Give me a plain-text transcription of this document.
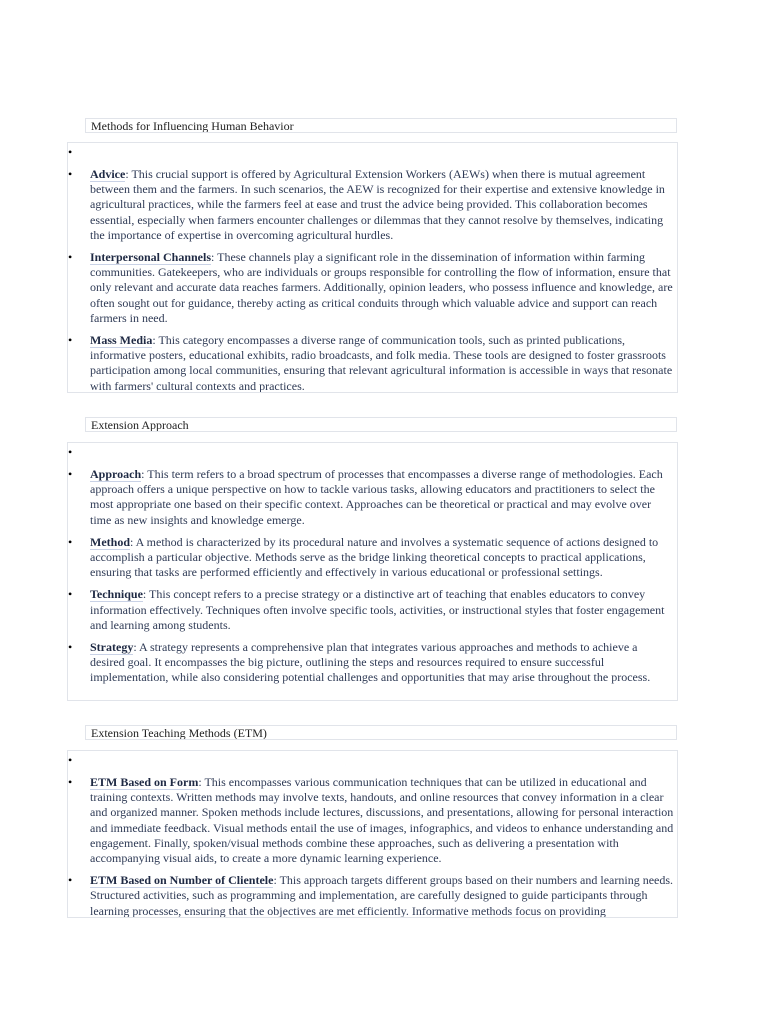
Methods for Influencing Human Behavior
•
• Advice: This crucial support is offered by Agricultural Extension Workers (AEWs) when there is mutual agreement between them and the farmers. In such scenarios, the AEW is recognized for their expertise and extensive knowledge in agricultural practices, while the farmers feel at ease and trust the advice being provided. This collaboration becomes essential, especially when farmers encounter challenges or dilemmas that they cannot resolve by themselves, indicating the importance of expertise in overcoming agricultural hurdles.
• Interpersonal Channels: These channels play a significant role in the dissemination of information within farming communities. Gatekeepers, who are individuals or groups responsible for controlling the flow of information, ensure that only relevant and accurate data reaches farmers. Additionally, opinion leaders, who possess influence and knowledge, are often sought out for guidance, thereby acting as critical conduits through which valuable advice and support can reach farmers in need.
• Mass Media: This category encompasses a diverse range of communication tools, such as printed publications, informative posters, educational exhibits, radio broadcasts, and folk media. These tools are designed to foster grassroots participation among local communities, ensuring that relevant agricultural information is accessible in ways that resonate with farmers' cultural contexts and practices.
Extension Approach
•
• Approach: This term refers to a broad spectrum of processes that encompasses a diverse range of methodologies. Each approach offers a unique perspective on how to tackle various tasks, allowing educators and practitioners to select the most appropriate one based on their specific context. Approaches can be theoretical or practical and may evolve over time as new insights and knowledge emerge.
• Method: A method is characterized by its procedural nature and involves a systematic sequence of actions designed to accomplish a particular objective. Methods serve as the bridge linking theoretical concepts to practical applications, ensuring that tasks are performed efficiently and effectively in various educational or professional settings.
• Technique: This concept refers to a precise strategy or a distinctive art of teaching that enables educators to convey information effectively. Techniques often involve specific tools, activities, or instructional styles that foster engagement and learning among students.
• Strategy: A strategy represents a comprehensive plan that integrates various approaches and methods to achieve a desired goal. It encompasses the big picture, outlining the steps and resources required to ensure successful implementation, while also considering potential challenges and opportunities that may arise throughout the process.
Extension Teaching Methods (ETM)
•
• ETM Based on Form: This encompasses various communication techniques that can be utilized in educational and training contexts. Written methods may involve texts, handouts, and online resources that convey information in a clear and organized manner. Spoken methods include lectures, discussions, and presentations, allowing for personal interaction and immediate feedback. Visual methods entail the use of images, infographics, and videos to enhance understanding and engagement. Finally, spoken/visual methods combine these approaches, such as delivering a presentation with accompanying visual aids, to create a more dynamic learning experience.
• ETM Based on Number of Clientele: This approach targets different groups based on their numbers and learning needs. Structured activities, such as programming and implementation, are carefully designed to guide participants through learning processes, ensuring that the objectives are met efficiently. Informative methods focus on providing
